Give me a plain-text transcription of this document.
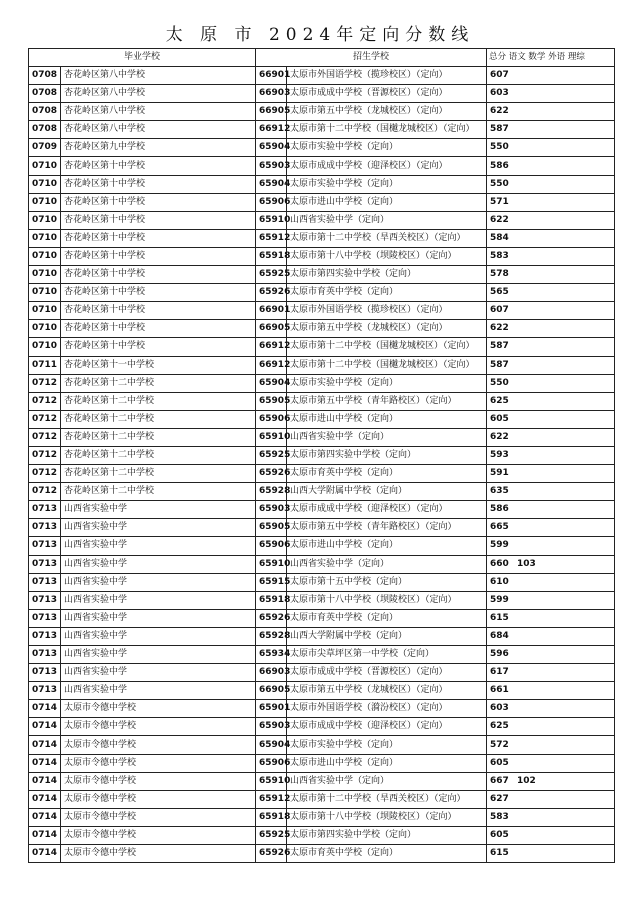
太 原 市 2024年定向分数线
毕业学校		招生学校		总分 语文 数学 外语 理综
0708	杏花岭区第八中学校	66901	太原市外国语学校（揽珍校区）（定向）	607
0708	杏花岭区第八中学校	66903	太原市成成中学校（晋源校区）（定向）	603
0708	杏花岭区第八中学校	66905	太原市第五中学校（龙城校区）（定向）	622
0708	杏花岭区第八中学校	66912	太原市第十二中学校（国樾龙城校区）（定向）	587
0709	杏花岭区第九中学校	65904	太原市实验中学校（定向）	550
0710	杏花岭区第十中学校	65903	太原市成成中学校（迎泽校区）（定向）	586
0710	杏花岭区第十中学校	65904	太原市实验中学校（定向）	550
0710	杏花岭区第十中学校	65906	太原市进山中学校（定向）	571
0710	杏花岭区第十中学校	65910	山西省实验中学（定向）	622
0710	杏花岭区第十中学校	65912	太原市第十二中学校（旱西关校区）（定向）	584
0710	杏花岭区第十中学校	65918	太原市第十八中学校（坝陵校区）（定向）	583
0710	杏花岭区第十中学校	65925	太原市第四实验中学校（定向）	578
0710	杏花岭区第十中学校	65926	太原市育英中学校（定向）	565
0710	杏花岭区第十中学校	66901	太原市外国语学校（揽珍校区）（定向）	607
0710	杏花岭区第十中学校	66905	太原市第五中学校（龙城校区）（定向）	622
0710	杏花岭区第十中学校	66912	太原市第十二中学校（国樾龙城校区）（定向）	587
0711	杏花岭区第十一中学校	66912	太原市第十二中学校（国樾龙城校区）（定向）	587
0712	杏花岭区第十二中学校	65904	太原市实验中学校（定向）	550
0712	杏花岭区第十二中学校	65905	太原市第五中学校（青年路校区）（定向）	625
0712	杏花岭区第十二中学校	65906	太原市进山中学校（定向）	605
0712	杏花岭区第十二中学校	65910	山西省实验中学（定向）	622
0712	杏花岭区第十二中学校	65925	太原市第四实验中学校（定向）	593
0712	杏花岭区第十二中学校	65926	太原市育英中学校（定向）	591
0712	杏花岭区第十二中学校	65928	山西大学附属中学校（定向）	635
0713	山西省实验中学	65903	太原市成成中学校（迎泽校区）（定向）	586
0713	山西省实验中学	65905	太原市第五中学校（青年路校区）（定向）	665
0713	山西省实验中学	65906	太原市进山中学校（定向）	599
0713	山西省实验中学	65910	山西省实验中学（定向）	660 103
0713	山西省实验中学	65915	太原市第十五中学校（定向）	610
0713	山西省实验中学	65918	太原市第十八中学校（坝陵校区）（定向）	599
0713	山西省实验中学	65926	太原市育英中学校（定向）	615
0713	山西省实验中学	65928	山西大学附属中学校（定向）	684
0713	山西省实验中学	65934	太原市尖草坪区第一中学校（定向）	596
0713	山西省实验中学	66903	太原市成成中学校（晋源校区）（定向）	617
0713	山西省实验中学	66905	太原市第五中学校（龙城校区）（定向）	661
0714	太原市令德中学校	65901	太原市外国语学校（漪汾校区）（定向）	603
0714	太原市令德中学校	65903	太原市成成中学校（迎泽校区）（定向）	625
0714	太原市令德中学校	65904	太原市实验中学校（定向）	572
0714	太原市令德中学校	65906	太原市进山中学校（定向）	605
0714	太原市令德中学校	65910	山西省实验中学（定向）	667 102
0714	太原市令德中学校	65912	太原市第十二中学校（旱西关校区）（定向）	627
0714	太原市令德中学校	65918	太原市第十八中学校（坝陵校区）（定向）	583
0714	太原市令德中学校	65925	太原市第四实验中学校（定向）	605
0714	太原市令德中学校	65926	太原市育英中学校（定向）	615
